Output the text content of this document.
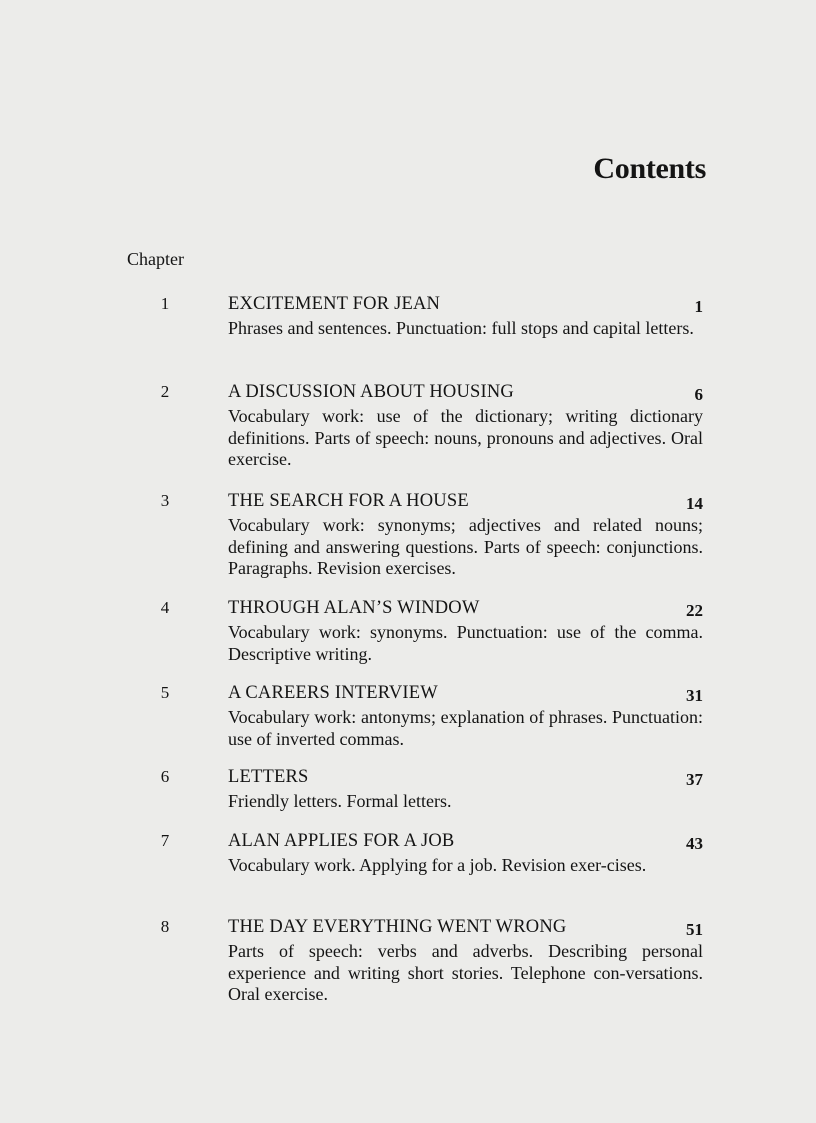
Contents
Chapter
1	EXCITEMENT FOR JEAN	1

Phrases and sentences. Punctuation: full stops and capital letters.

2	A DISCUSSION ABOUT HOUSING	6

Vocabulary work: use of the dictionary; writing dictionary definitions. Parts of speech: nouns, pronouns and adjectives. Oral exercise.

3	THE SEARCH FOR A HOUSE	14

Vocabulary work: synonyms; adjectives and related nouns; defining and answering questions. Parts of speech: conjunctions. Paragraphs. Revision exercises.

4	THROUGH ALAN’S WINDOW	22

Vocabulary work: synonyms. Punctuation: use of the comma. Descriptive writing.

5	A CAREERS INTERVIEW	31

Vocabulary work: antonyms; explanation of phrases. Punctuation: use of inverted commas.

6	LETTERS	37

Friendly letters. Formal letters.

7	ALAN APPLIES FOR A JOB	43

Vocabulary work. Applying for a job. Revision exer-cises.

8	THE DAY EVERYTHING WENT WRONG	51

Parts of speech: verbs and adverbs. Describing personal experience and writing short stories. Telephone con-versations. Oral exercise.
